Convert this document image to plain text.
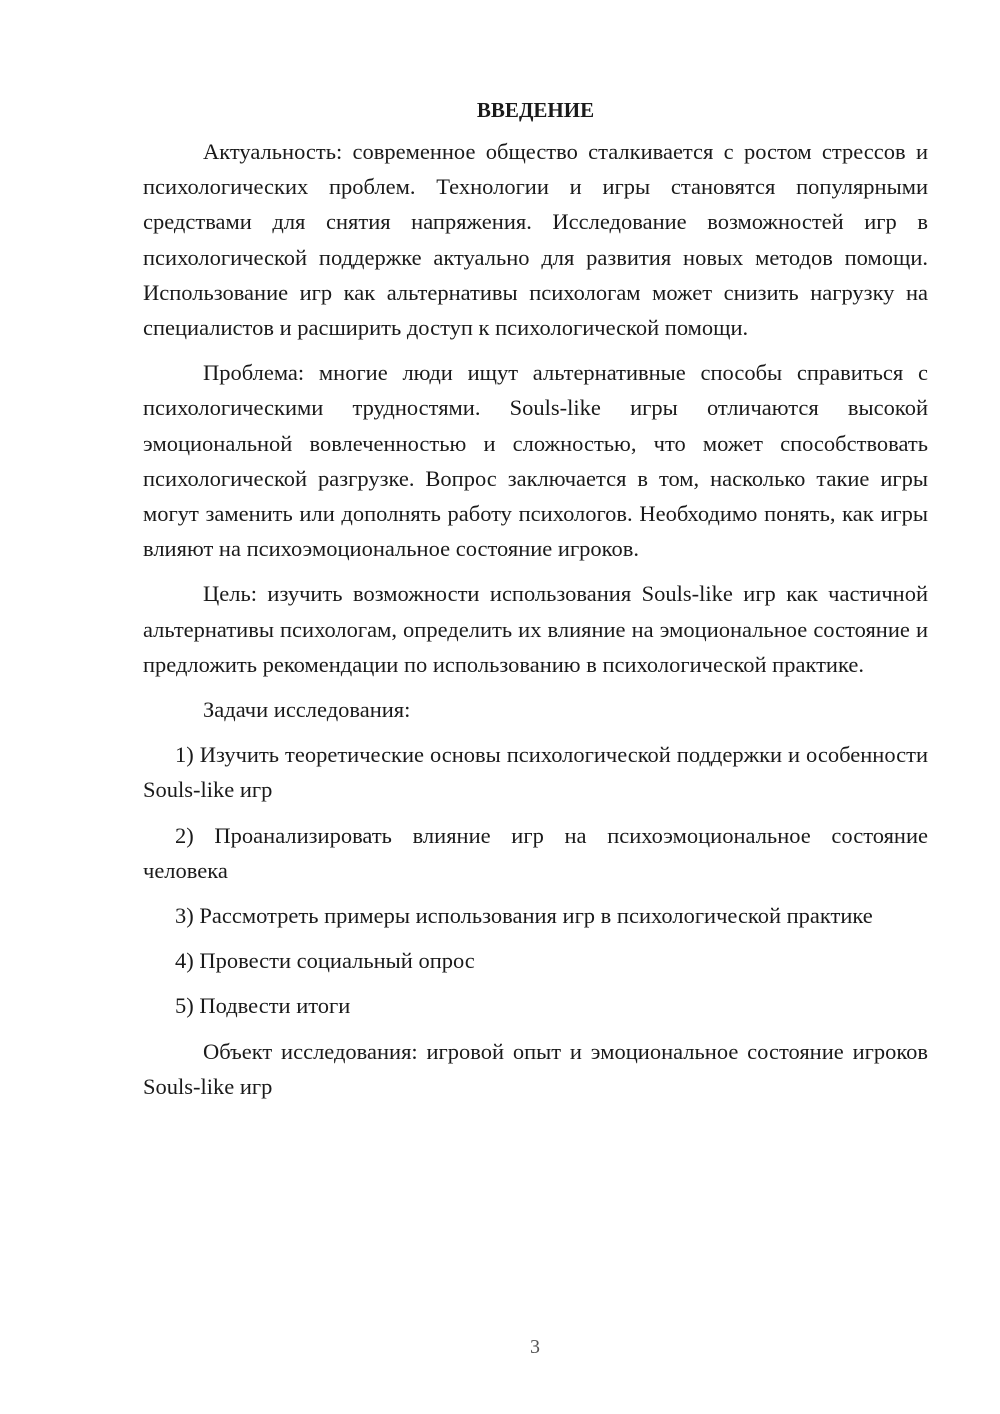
ВВЕДЕНИЕ

Актуальность: современное общество сталкивается с ростом стрессов и психологических проблем. Технологии и игры становятся популярными средствами для снятия напряжения. Исследование возможностей игр в психологической поддержке актуально для развития новых методов помощи. Использование игр как альтернативы психологам может снизить нагрузку на специалистов и расширить доступ к психологической помощи.

Проблема: многие люди ищут альтернативные способы справиться с психологическими трудностями. Souls-like игры отличаются высокой эмоциональной вовлеченностью и сложностью, что может способствовать психологической разгрузке. Вопрос заключается в том, насколько такие игры могут заменить или дополнять работу психологов. Необходимо понять, как игры влияют на психоэмоциональное состояние игроков.

Цель: изучить возможности использования Souls-like игр как частичной альтернативы психологам, определить их влияние на эмоциональное состояние и предложить рекомендации по использованию в психологической практике.

Задачи исследования:

1) Изучить теоретические основы психологической поддержки и особенности Souls-like игр

2) Проанализировать влияние игр на психоэмоциональное состояние человека

3) Рассмотреть примеры использования игр в психологической практике

4) Провести социальный опрос

5) Подвести итоги

Объект исследования: игровой опыт и эмоциональное состояние игроков Souls-like игр

3
